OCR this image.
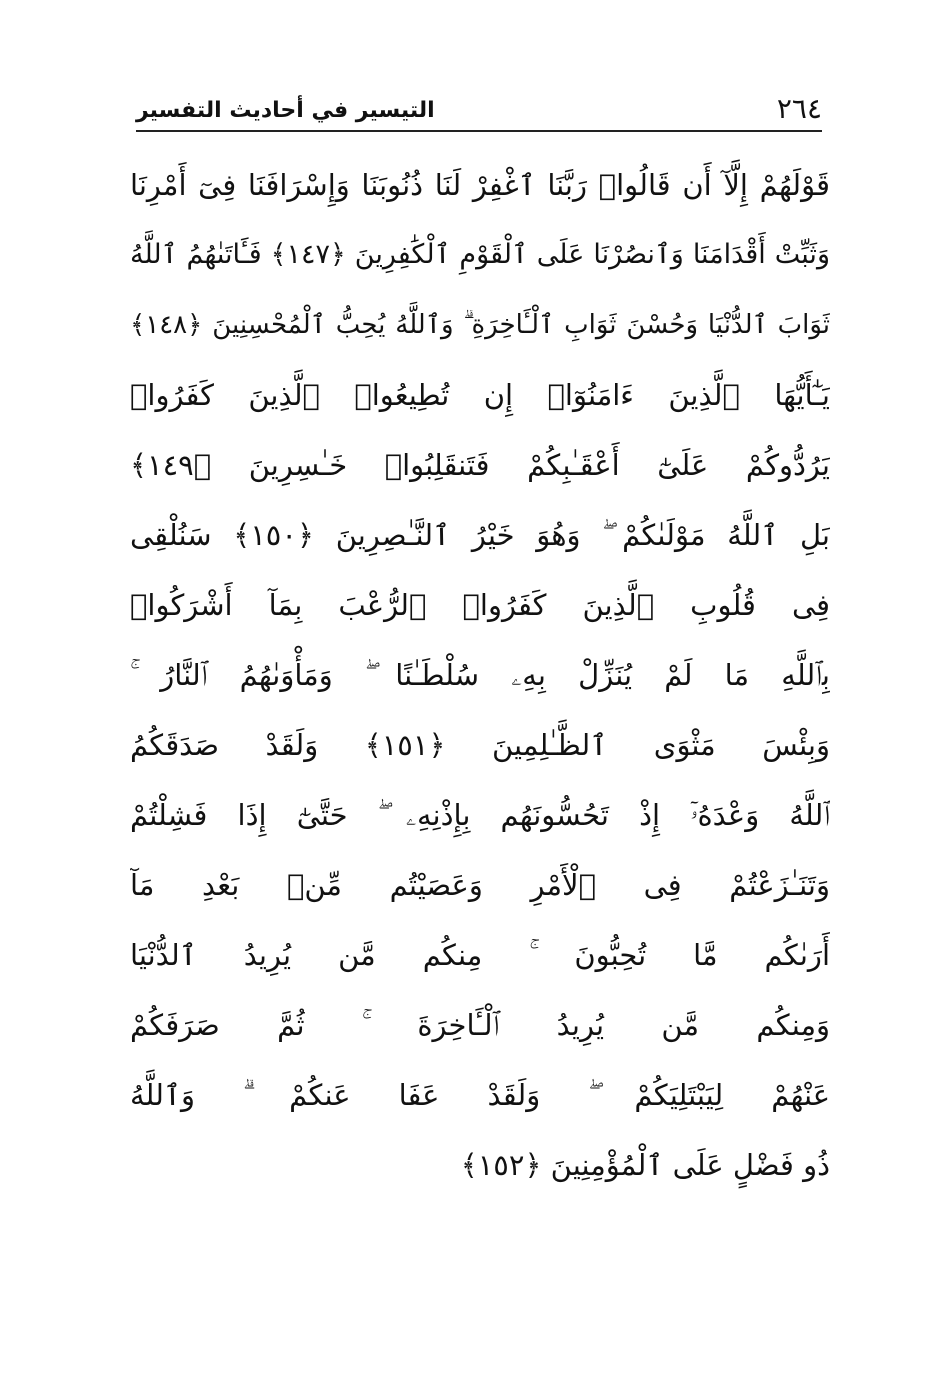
٢٦٤
التيسير في أحاديث التفسير
قَوْلَهُمْ إِلَّآ أَن قَالُوا۟ رَبَّنَا ٱغْفِرْ لَنَا ذُنُوبَنَا وَإِسْرَافَنَا فِىٓ أَمْرِنَا
وَثَبِّتْ أَقْدَامَنَا وَٱنصُرْنَا عَلَى ٱلْقَوْمِ ٱلْكَٰفِرِينَ ﴿١٤٧﴾ فَـَٔاتَىٰهُمُ ٱللَّهُ
ثَوَابَ ٱلدُّنْيَا وَحُسْنَ ثَوَابِ ٱلْـَٔاخِرَةِ ۗ وَٱللَّهُ يُحِبُّ ٱلْمُحْسِنِينَ ﴿١٤٨﴾
يَـٰٓأَيُّهَا ٱلَّذِينَ ءَامَنُوٓا۟ إِن تُطِيعُوا۟ ٱلَّذِينَ كَفَرُوا۟
يَرُدُّوكُمْ عَلَىٰٓ أَعْقَـٰبِكُمْ فَتَنقَلِبُوا۟ خَـٰسِرِينَ ﴿١٤٩﴾
بَلِ ٱللَّهُ مَوْلَىٰكُمْ ۖ وَهُوَ خَيْرُ ٱلنَّـٰصِرِينَ ﴿١٥٠﴾ سَنُلْقِى
فِى قُلُوبِ ٱلَّذِينَ كَفَرُوا۟ ٱلرُّعْبَ بِمَآ أَشْرَكُوا۟
بِٱللَّهِ مَا لَمْ يُنَزِّلْ بِهِۦ سُلْطَـٰنًا ۖ وَمَأْوَىٰهُمُ ٱلنَّارُ ۚ
وَبِئْسَ مَثْوَى ٱلظَّـٰلِمِينَ ﴿١٥١﴾ وَلَقَدْ صَدَقَكُمُ
ٱللَّهُ وَعْدَهُۥٓ إِذْ تَحُسُّونَهُم بِإِذْنِهِۦ ۖ حَتَّىٰٓ إِذَا فَشِلْتُمْ
وَتَنَـٰزَعْتُمْ فِى ٱلْأَمْرِ وَعَصَيْتُم مِّنۢ بَعْدِ مَآ
أَرَىٰكُم مَّا تُحِبُّونَ ۚ مِنكُم مَّن يُرِيدُ ٱلدُّنْيَا
وَمِنكُم مَّن يُرِيدُ ٱلْـَٔاخِرَةَ ۚ ثُمَّ صَرَفَكُمْ
عَنْهُمْ لِيَبْتَلِيَكُمْ ۖ وَلَقَدْ عَفَا عَنكُمْ ۗ وَٱللَّهُ
ذُو فَضْلٍ عَلَى ٱلْمُؤْمِنِينَ ﴿١٥٢﴾
